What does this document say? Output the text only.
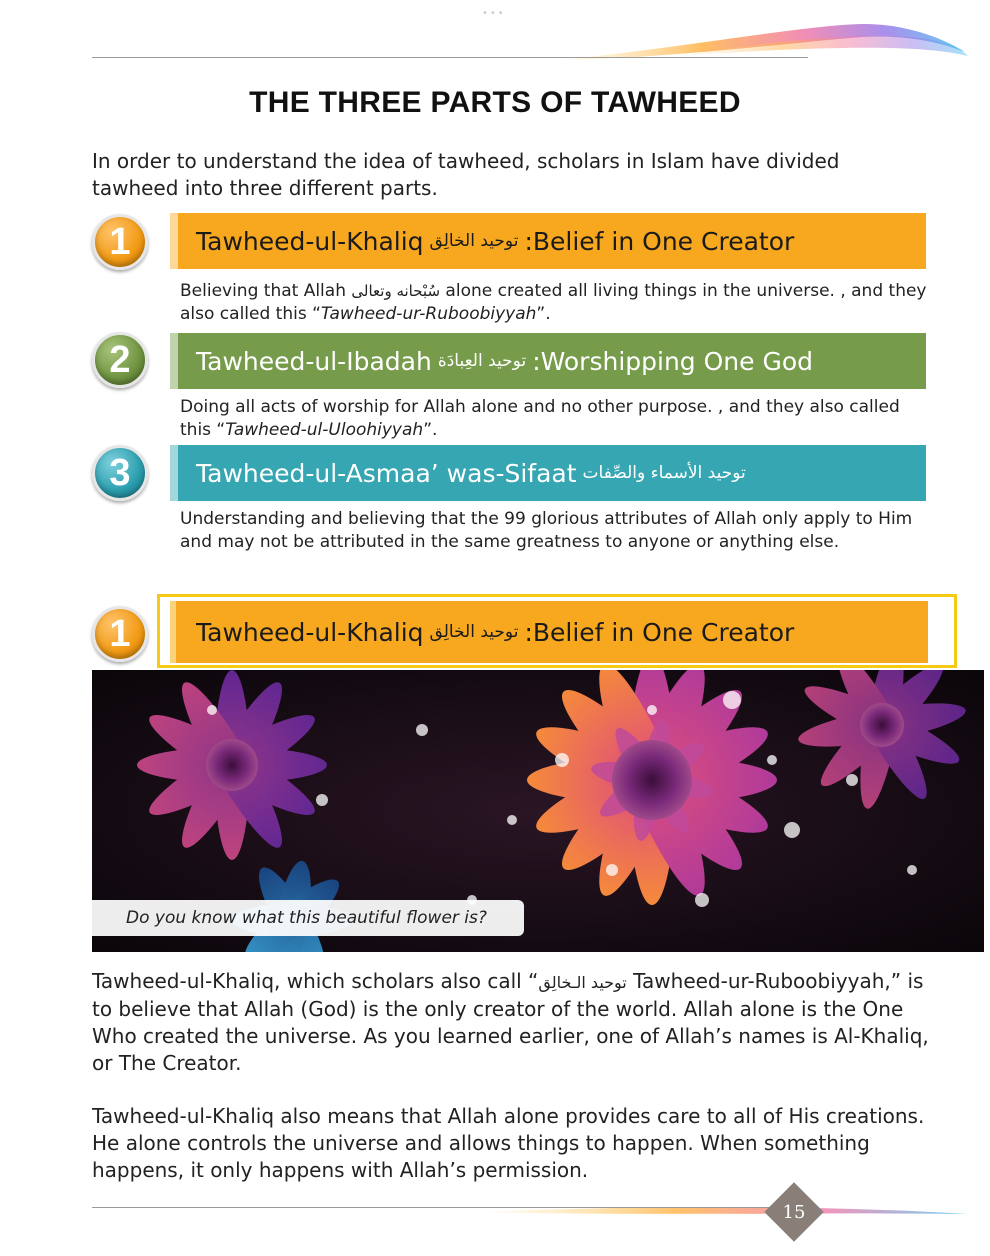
•••
THE THREE PARTS OF TAWHEED

In order to understand the idea of tawheed, scholars in Islam have divided tawheed into three different parts.

1	Tawheed-ul-Khaliq توحيد الخالِق : Belief in One Creator

Believing that Allah سُبْحانه وتعالى alone created all living things in the universe. , and they also called this “Tawheed-ur-Ruboobiyyah”.

2	Tawheed-ul-Ibadah توحيد العِبادَة : Worshipping One God

Doing all acts of worship for Allah alone and no other purpose. , and they also called this “Tawheed-ul-Uloohiyyah”.

3	Tawheed-ul-Asmaa’ was-Sifaat توحيد الأسماء والصِّفات

Understanding and believing that the 99 glorious attributes of Allah only apply to Him and may not be attributed in the same greatness to anyone or anything else.

1	Tawheed-ul-Khaliq توحيد الخالِق : Belief in One Creator
Do you know what this beautiful flower is?

Tawheed-ul-Khaliq, which scholars also call “توحيد الـخالِق Tawheed-ur-Ruboobiyyah,” is to believe that Allah (God) is the only creator of the world. Allah alone is the One Who created the universe. As you learned earlier, one of Allah’s names is Al-Khaliq, or The Creator.

Tawheed-ul-Khaliq also means that Allah alone provides care to all of His creations. He alone controls the universe and allows things to happen. When something happens, it only happens with Allah’s permission.

15
